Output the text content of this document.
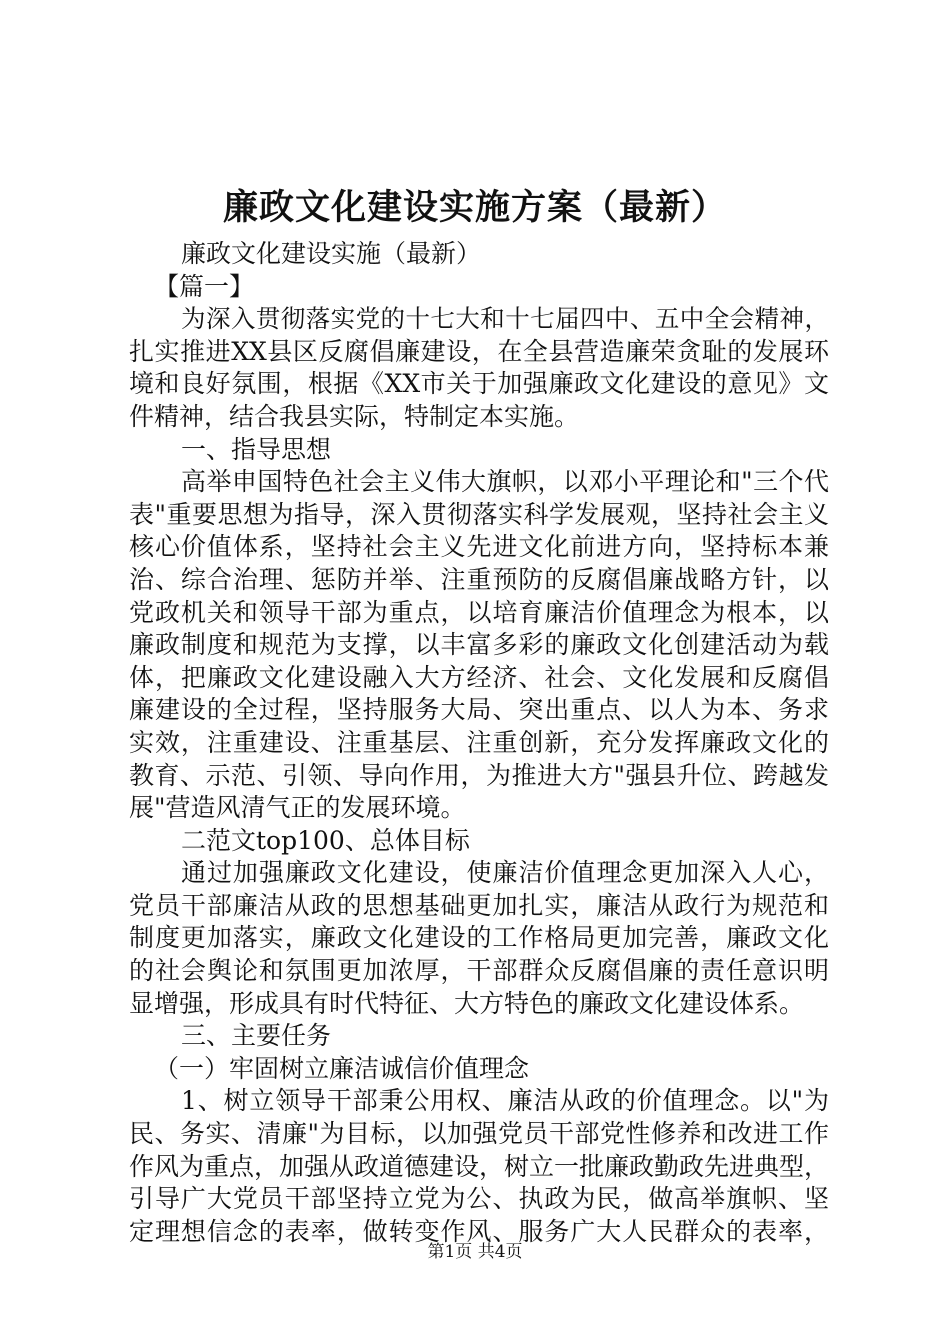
廉政文化建设实施方案（最新）
廉政文化建设实施（最新）
【篇一】
为深入贯彻落实党的十七大和十七届四中、五中全会精神，
扎实推进XX县区反腐倡廉建设，在全县营造廉荣贪耻的发展环
境和良好氛围，根据《XX市关于加强廉政文化建设的意见》文
件精神，结合我县实际，特制定本实施。
一、指导思想
高举申国特色社会主义伟大旗帜，以邓小平理论和"三个代
表"重要思想为指导，深入贯彻落实科学发展观，坚持社会主义
核心价值体系，坚持社会主义先进文化前进方向，坚持标本兼
治、综合治理、惩防并举、注重预防的反腐倡廉战略方针，以
党政机关和领导干部为重点，以培育廉洁价值理念为根本，以
廉政制度和规范为支撑，以丰富多彩的廉政文化创建活动为载
体，把廉政文化建设融入大方经济、社会、文化发展和反腐倡
廉建设的全过程，坚持服务大局、突出重点、以人为本、务求
实效，注重建设、注重基层、注重创新，充分发挥廉政文化的
教育、示范、引领、导向作用，为推进大方"强县升位、跨越发
展"营造风清气正的发展环境。
二范文top100、总体目标
通过加强廉政文化建设，使廉洁价值理念更加深入人心，
党员干部廉洁从政的思想基础更加扎实，廉洁从政行为规范和
制度更加落实，廉政文化建设的工作格局更加完善，廉政文化
的社会舆论和氛围更加浓厚，干部群众反腐倡廉的责任意识明
显增强，形成具有时代特征、大方特色的廉政文化建设体系。
三、主要任务
（一）牢固树立廉洁诚信价值理念
1、树立领导干部秉公用权、廉洁从政的价值理念。以"为
民、务实、清廉"为目标，以加强党员干部党性修养和改进工作
作风为重点，加强从政道德建设，树立一批廉政勤政先进典型，
引导广大党员干部坚持立党为公、执政为民，做高举旗帜、坚
定理想信念的表率，做转变作风、服务广大人民群众的表率，
第1页 共4页
